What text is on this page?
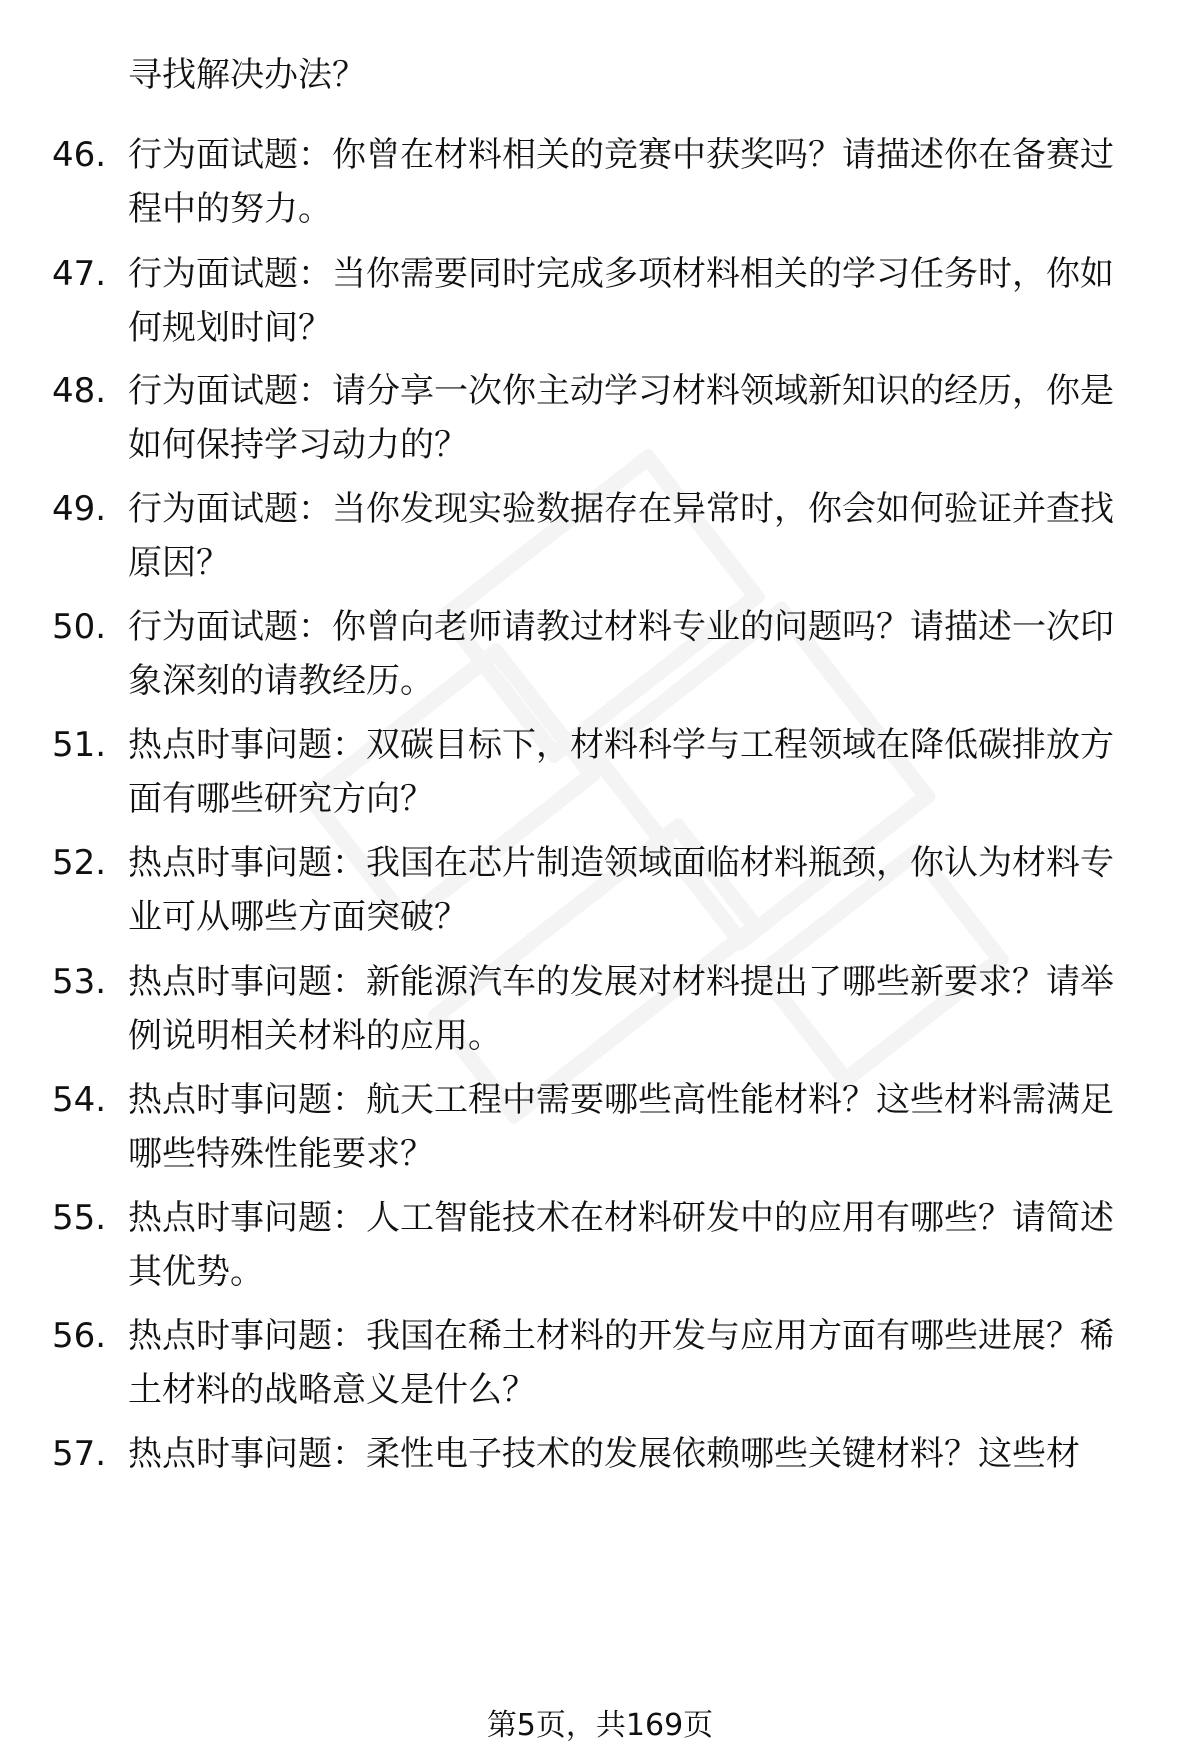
寻找解决办法？
46. 行为面试题：你曾在材料相关的竞赛中获奖吗？请描述你在备赛过程中的努力。
47. 行为面试题：当你需要同时完成多项材料相关的学习任务时，你如何规划时间？
48. 行为面试题：请分享一次你主动学习材料领域新知识的经历，你是如何保持学习动力的？
49. 行为面试题：当你发现实验数据存在异常时，你会如何验证并查找原因？
50. 行为面试题：你曾向老师请教过材料专业的问题吗？请描述一次印象深刻的请教经历。
51. 热点时事问题：双碳目标下，材料科学与工程领域在降低碳排放方面有哪些研究方向？
52. 热点时事问题：我国在芯片制造领域面临材料瓶颈，你认为材料专业可从哪些方面突破？
53. 热点时事问题：新能源汽车的发展对材料提出了哪些新要求？请举例说明相关材料的应用。
54. 热点时事问题：航天工程中需要哪些高性能材料？这些材料需满足哪些特殊性能要求？
55. 热点时事问题：人工智能技术在材料研发中的应用有哪些？请简述其优势。
56. 热点时事问题：我国在稀土材料的开发与应用方面有哪些进展？稀土材料的战略意义是什么？
57. 热点时事问题：柔性电子技术的发展依赖哪些关键材料？这些材
第5页，共169页
